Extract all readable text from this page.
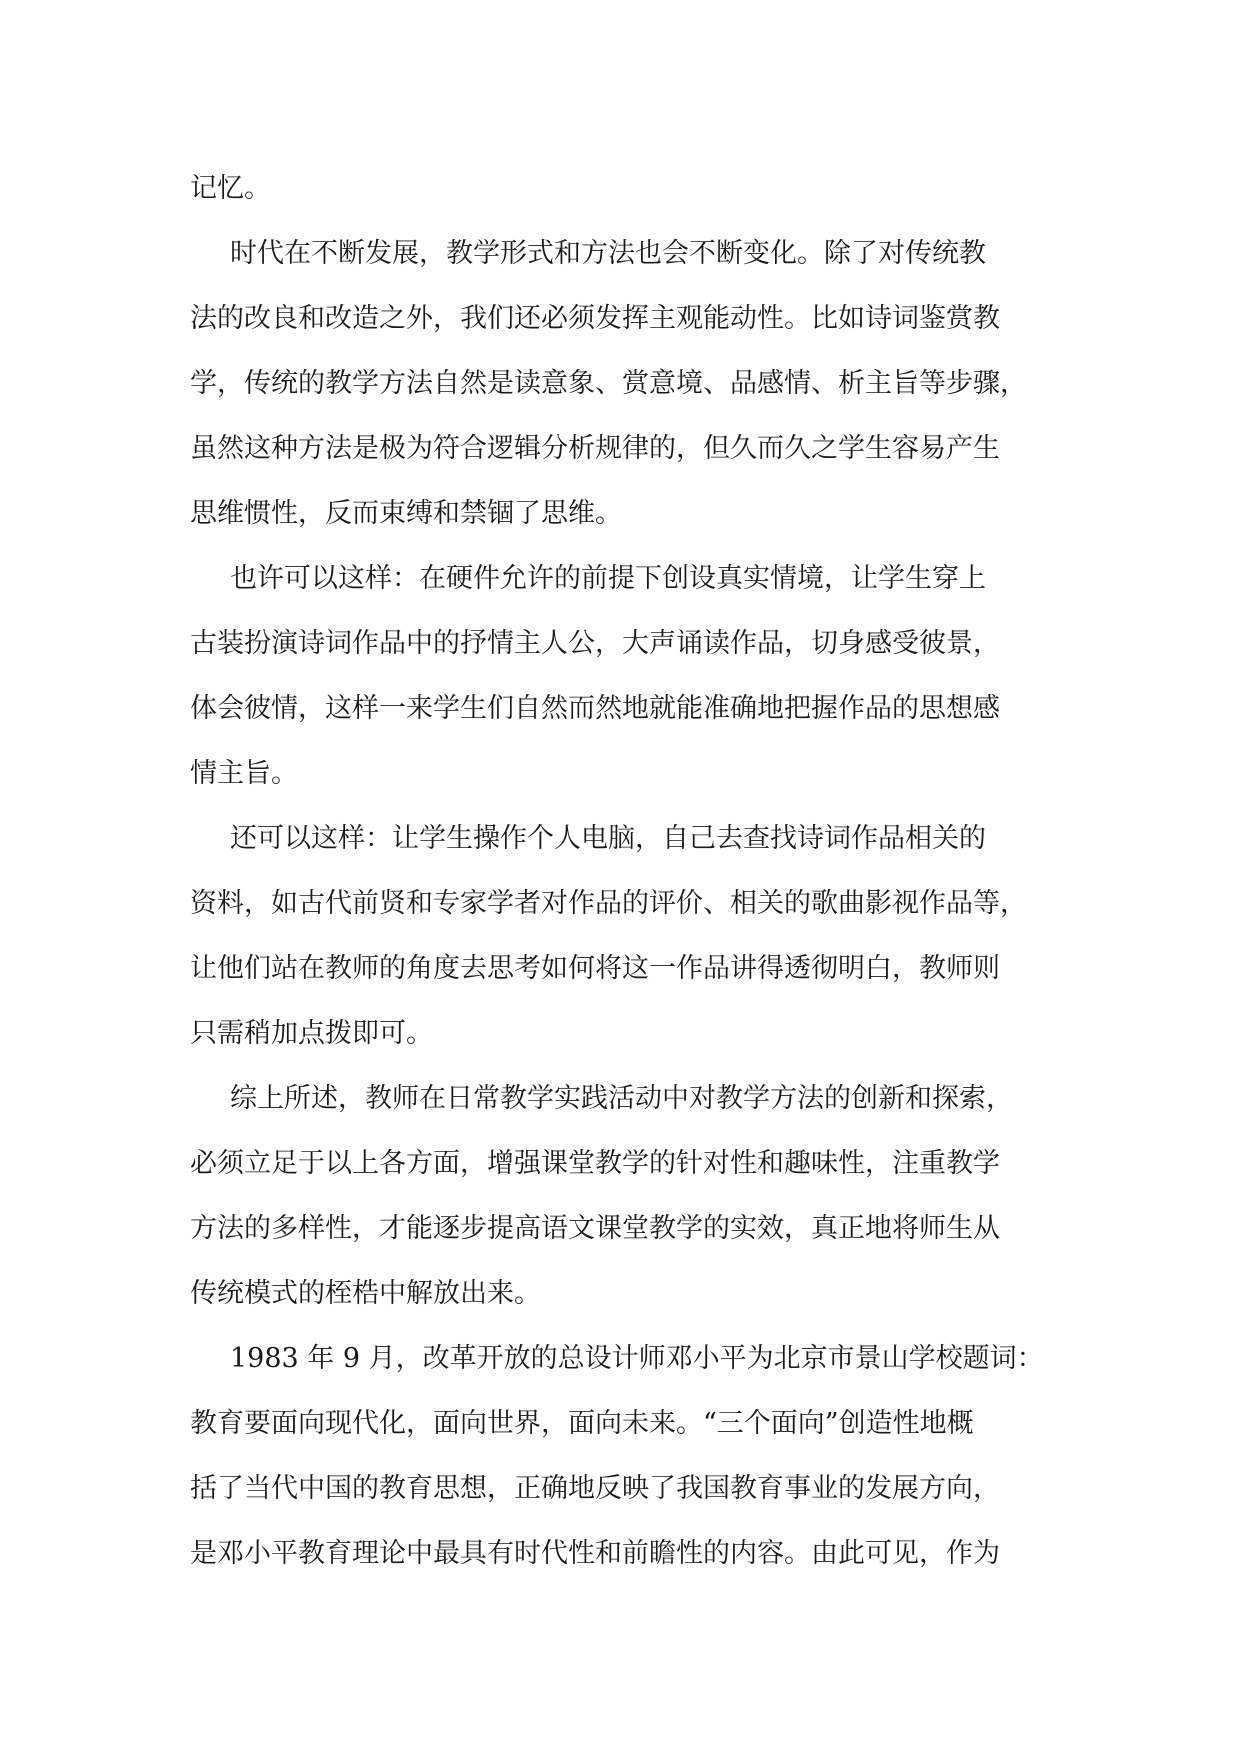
记忆。
时代在不断发展，教学形式和方法也会不断变化。除了对传统教
法的改良和改造之外，我们还必须发挥主观能动性。比如诗词鉴赏教
学，传统的教学方法自然是读意象、赏意境、品感情、析主旨等步骤，
虽然这种方法是极为符合逻辑分析规律的，但久而久之学生容易产生
思维惯性，反而束缚和禁锢了思维。
也许可以这样：在硬件允许的前提下创设真实情境，让学生穿上
古装扮演诗词作品中的抒情主人公，大声诵读作品，切身感受彼景，
体会彼情，这样一来学生们自然而然地就能准确地把握作品的思想感
情主旨。
还可以这样：让学生操作个人电脑，自己去查找诗词作品相关的
资料，如古代前贤和专家学者对作品的评价、相关的歌曲影视作品等，
让他们站在教师的角度去思考如何将这一作品讲得透彻明白，教师则
只需稍加点拨即可。
综上所述，教师在日常教学实践活动中对教学方法的创新和探索，
必须立足于以上各方面，增强课堂教学的针对性和趣味性，注重教学
方法的多样性，才能逐步提高语文课堂教学的实效，真正地将师生从
传统模式的桎梏中解放出来。
1983 年 9 月，改革开放的总设计师邓小平为北京市景山学校题词：
教育要面向现代化，面向世界，面向未来。“三个面向”创造性地概
括了当代中国的教育思想，正确地反映了我国教育事业的发展方向，
是邓小平教育理论中最具有时代性和前瞻性的内容。由此可见，作为
